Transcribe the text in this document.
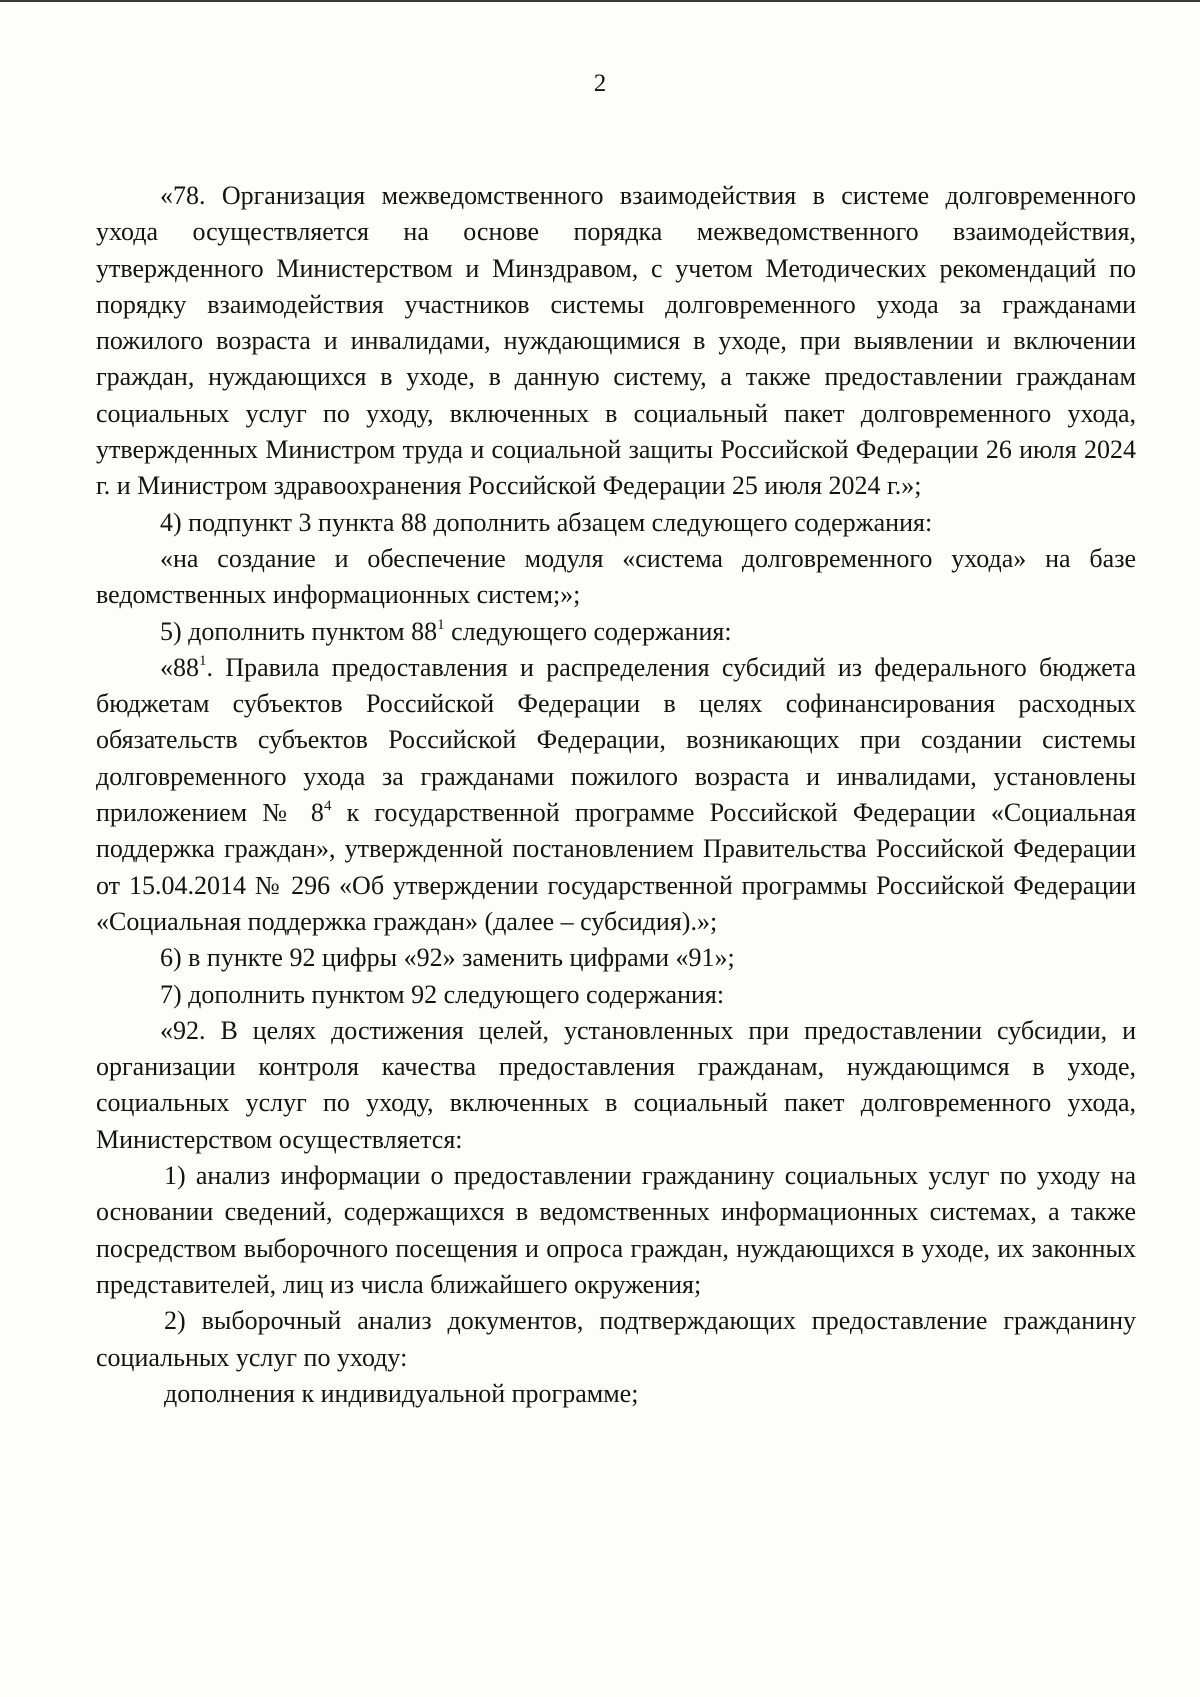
2

«78. Организация межведомственного взаимодействия в системе долговременного ухода осуществляется на основе порядка межведомственного взаимодействия, утвержденного Министерством и Минздравом, с учетом Методических рекомендаций по порядку взаимодействия участников системы долговременного ухода за гражданами пожилого возраста и инвалидами, нуждающимися в уходе, при выявлении и включении граждан, нуждающихся в уходе, в данную систему, а также предоставлении гражданам социальных услуг по уходу, включенных в социальный пакет долговременного ухода, утвержденных Министром труда и социальной защиты Российской Федерации 26 июля 2024 г. и Министром здравоохранения Российской Федерации 25 июля 2024 г.»;

4) подпункт 3 пункта 88 дополнить абзацем следующего содержания:

«на создание и обеспечение модуля «система долговременного ухода» на базе ведомственных информационных систем;»;

5) дополнить пунктом $88^1$ следующего содержания:

«$88^1$. Правила предоставления и распределения субсидий из федерального бюджета бюджетам субъектов Российской Федерации в целях софинансирования расходных обязательств субъектов Российской Федерации, возникающих при создании системы долговременного ухода за гражданами пожилого возраста и инвалидами, установлены приложением № $8^4$ к государственной программе Российской Федерации «Социальная поддержка граждан», утвержденной постановлением Правительства Российской Федерации от 15.04.2014 № 296 «Об утверждении государственной программы Российской Федерации «Социальная поддержка граждан» (далее – субсидия).»;

6) в пункте 92 цифры «92» заменить цифрами «91»;

7) дополнить пунктом 92 следующего содержания:

«92. В целях достижения целей, установленных при предоставлении субсидии, и организации контроля качества предоставления гражданам, нуждающимся в уходе, социальных услуг по уходу, включенных в социальный пакет долговременного ухода, Министерством осуществляется:

1) анализ информации о предоставлении гражданину социальных услуг по уходу на основании сведений, содержащихся в ведомственных информационных системах, а также посредством выборочного посещения и опроса граждан, нуждающихся в уходе, их законных представителей, лиц из числа ближайшего окружения;

2) выборочный анализ документов, подтверждающих предоставление гражданину социальных услуг по уходу:

дополнения к индивидуальной программе;
